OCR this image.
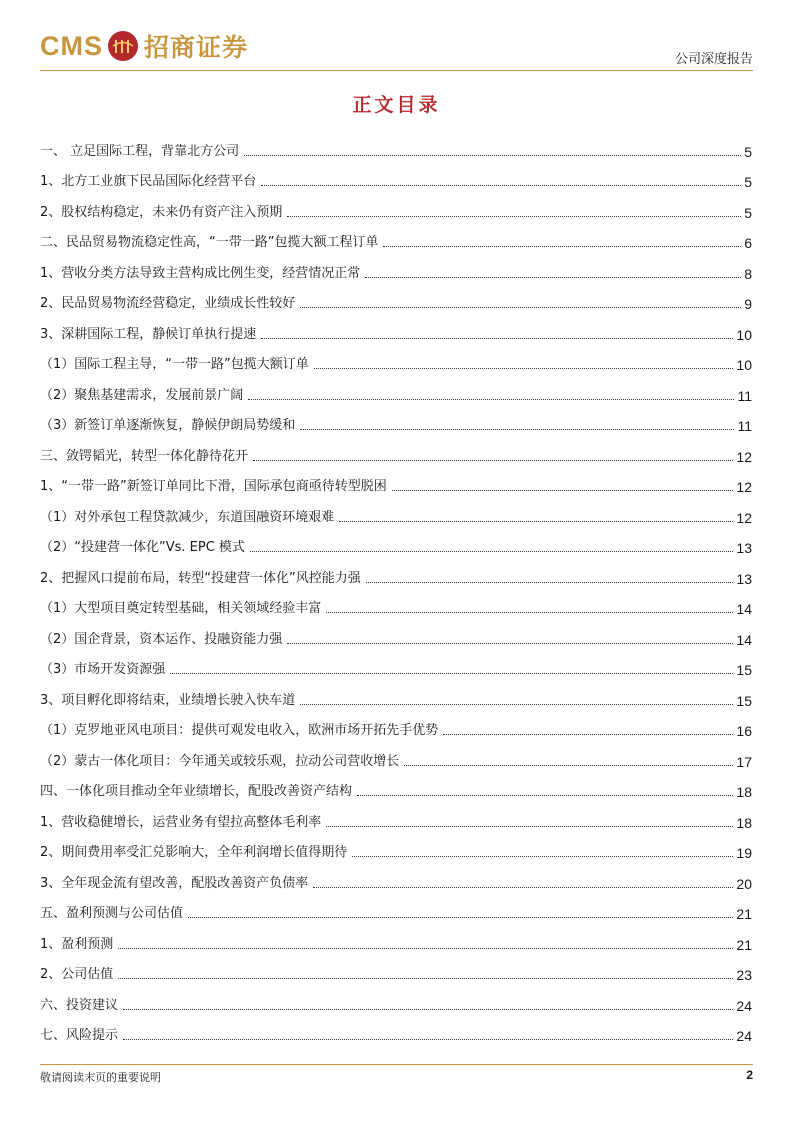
CMS 招商证券	公司深度报告
正文目录
一、 立足国际工程，背靠北方公司	5
1、北方工业旗下民品国际化经营平台	5
2、股权结构稳定，未来仍有资产注入预期	5
二、民品贸易物流稳定性高，“一带一路”包揽大额工程订单	6
1、营收分类方法导致主营构成比例生变，经营情况正常	8
2、民品贸易物流经营稳定，业绩成长性较好	9
3、深耕国际工程，静候订单执行提速	10
（1）国际工程主导，“一带一路”包揽大额订单	10
（2）聚焦基建需求，发展前景广阔	11
（3）新签订单逐渐恢复，静候伊朗局势缓和	11
三、敛锷韬光，转型一体化静待花开	12
1、“一带一路”新签订单同比下滑，国际承包商亟待转型脱困	12
（1）对外承包工程贷款减少，东道国融资环境艰难	12
（2）“投建营一体化”Vs. EPC 模式	13
2、把握风口提前布局，转型“投建营一体化”风控能力强	13
（1）大型项目奠定转型基础，相关领域经验丰富	14
（2）国企背景，资本运作、投融资能力强	14
（3）市场开发资源强	15
3、项目孵化即将结束，业绩增长驶入快车道	15
（1）克罗地亚风电项目：提供可观发电收入，欧洲市场开拓先手优势	16
（2）蒙古一体化项目：今年通关或较乐观，拉动公司营收增长	17
四、一体化项目推动全年业绩增长，配股改善资产结构	18
1、营收稳健增长，运营业务有望拉高整体毛利率	18
2、期间费用率受汇兑影响大，全年利润增长值得期待	19
3、全年现金流有望改善，配股改善资产负债率	20
五、盈利预测与公司估值	21
1、盈利预测	21
2、公司估值	23
六、投资建议	24
七、风险提示	24
敬请阅读末页的重要说明	2
